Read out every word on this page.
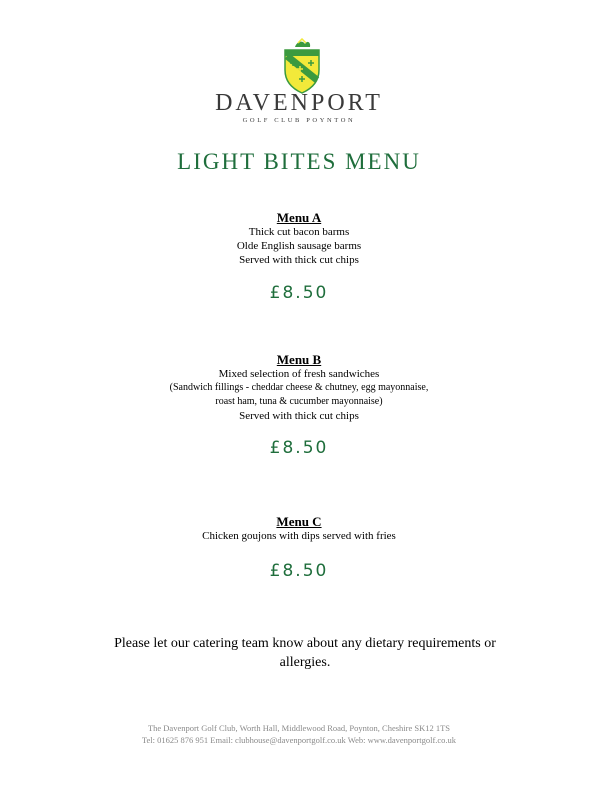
DAVENPORT
GOLF CLUB POYNTON
LIGHT BITES MENU
Menu A
Thick cut bacon barms
Olde English sausage barms
Served with thick cut chips
£8.50
Menu B
Mixed selection of fresh sandwiches
(Sandwich fillings - cheddar cheese & chutney, egg mayonnaise,
roast ham, tuna & cucumber mayonnaise)
Served with thick cut chips
£8.50
Menu C
Chicken goujons with dips served with fries
£8.50
Please let our catering team know about any dietary requirements or allergies.
The Davenport Golf Club, Worth Hall, Middlewood Road, Poynton, Cheshire SK12 1TS
Tel: 01625 876 951 Email: clubhouse@davenportgolf.co.uk Web: www.davenportgolf.co.uk
